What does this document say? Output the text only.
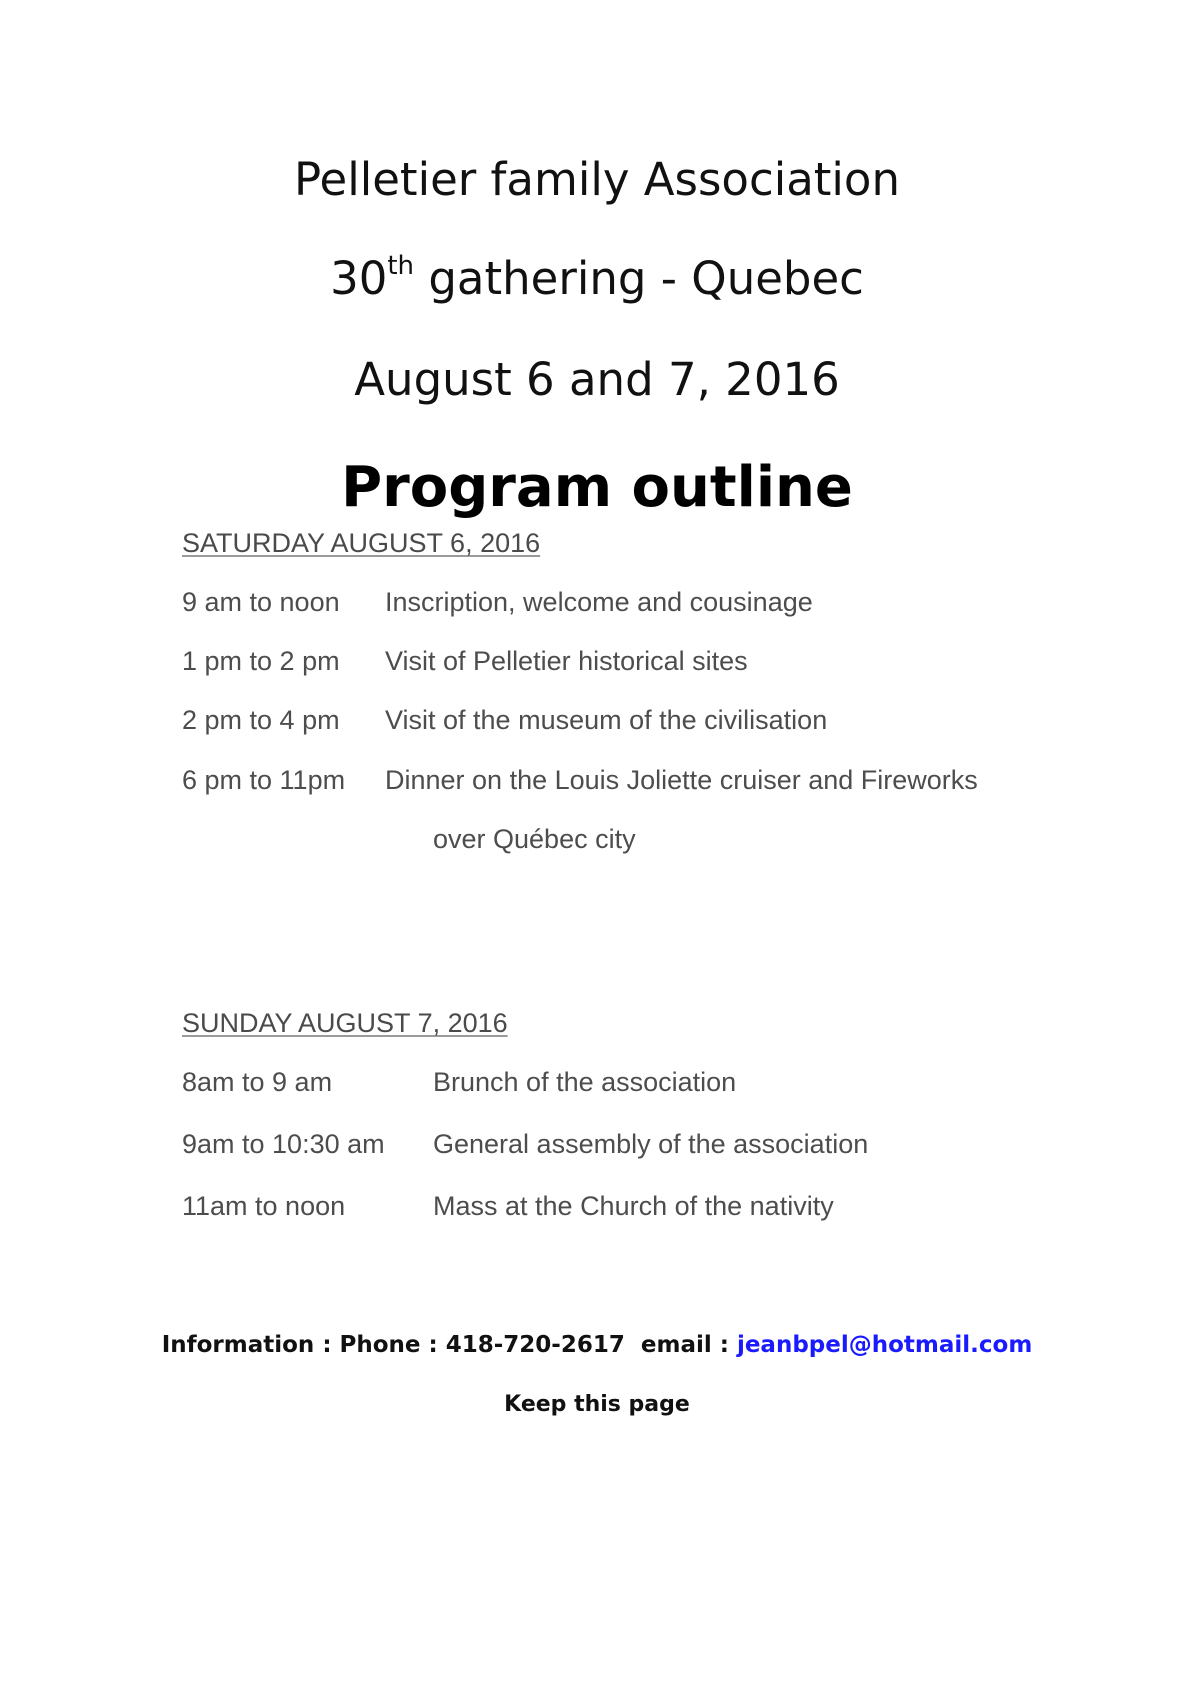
Pelletier family Association
30th gathering - Quebec
August 6 and 7, 2016
Program outline
SATURDAY AUGUST 6, 2016
9 am to noon Inscription, welcome and cousinage
1 pm to 2 pm Visit of Pelletier historical sites
2 pm to 4 pm Visit of the museum of the civilisation
6 pm to 11pm Dinner on the Louis Joliette cruiser and Fireworks
over Québec city
SUNDAY AUGUST 7, 2016
8am to 9 am	Brunch of the association
9am to 10:30 am General assembly of the association
11am to noon	Mass at the Church of the nativity
Information : Phone : 418-720-2617  email : jeanbpel@hotmail.com
Keep this page
